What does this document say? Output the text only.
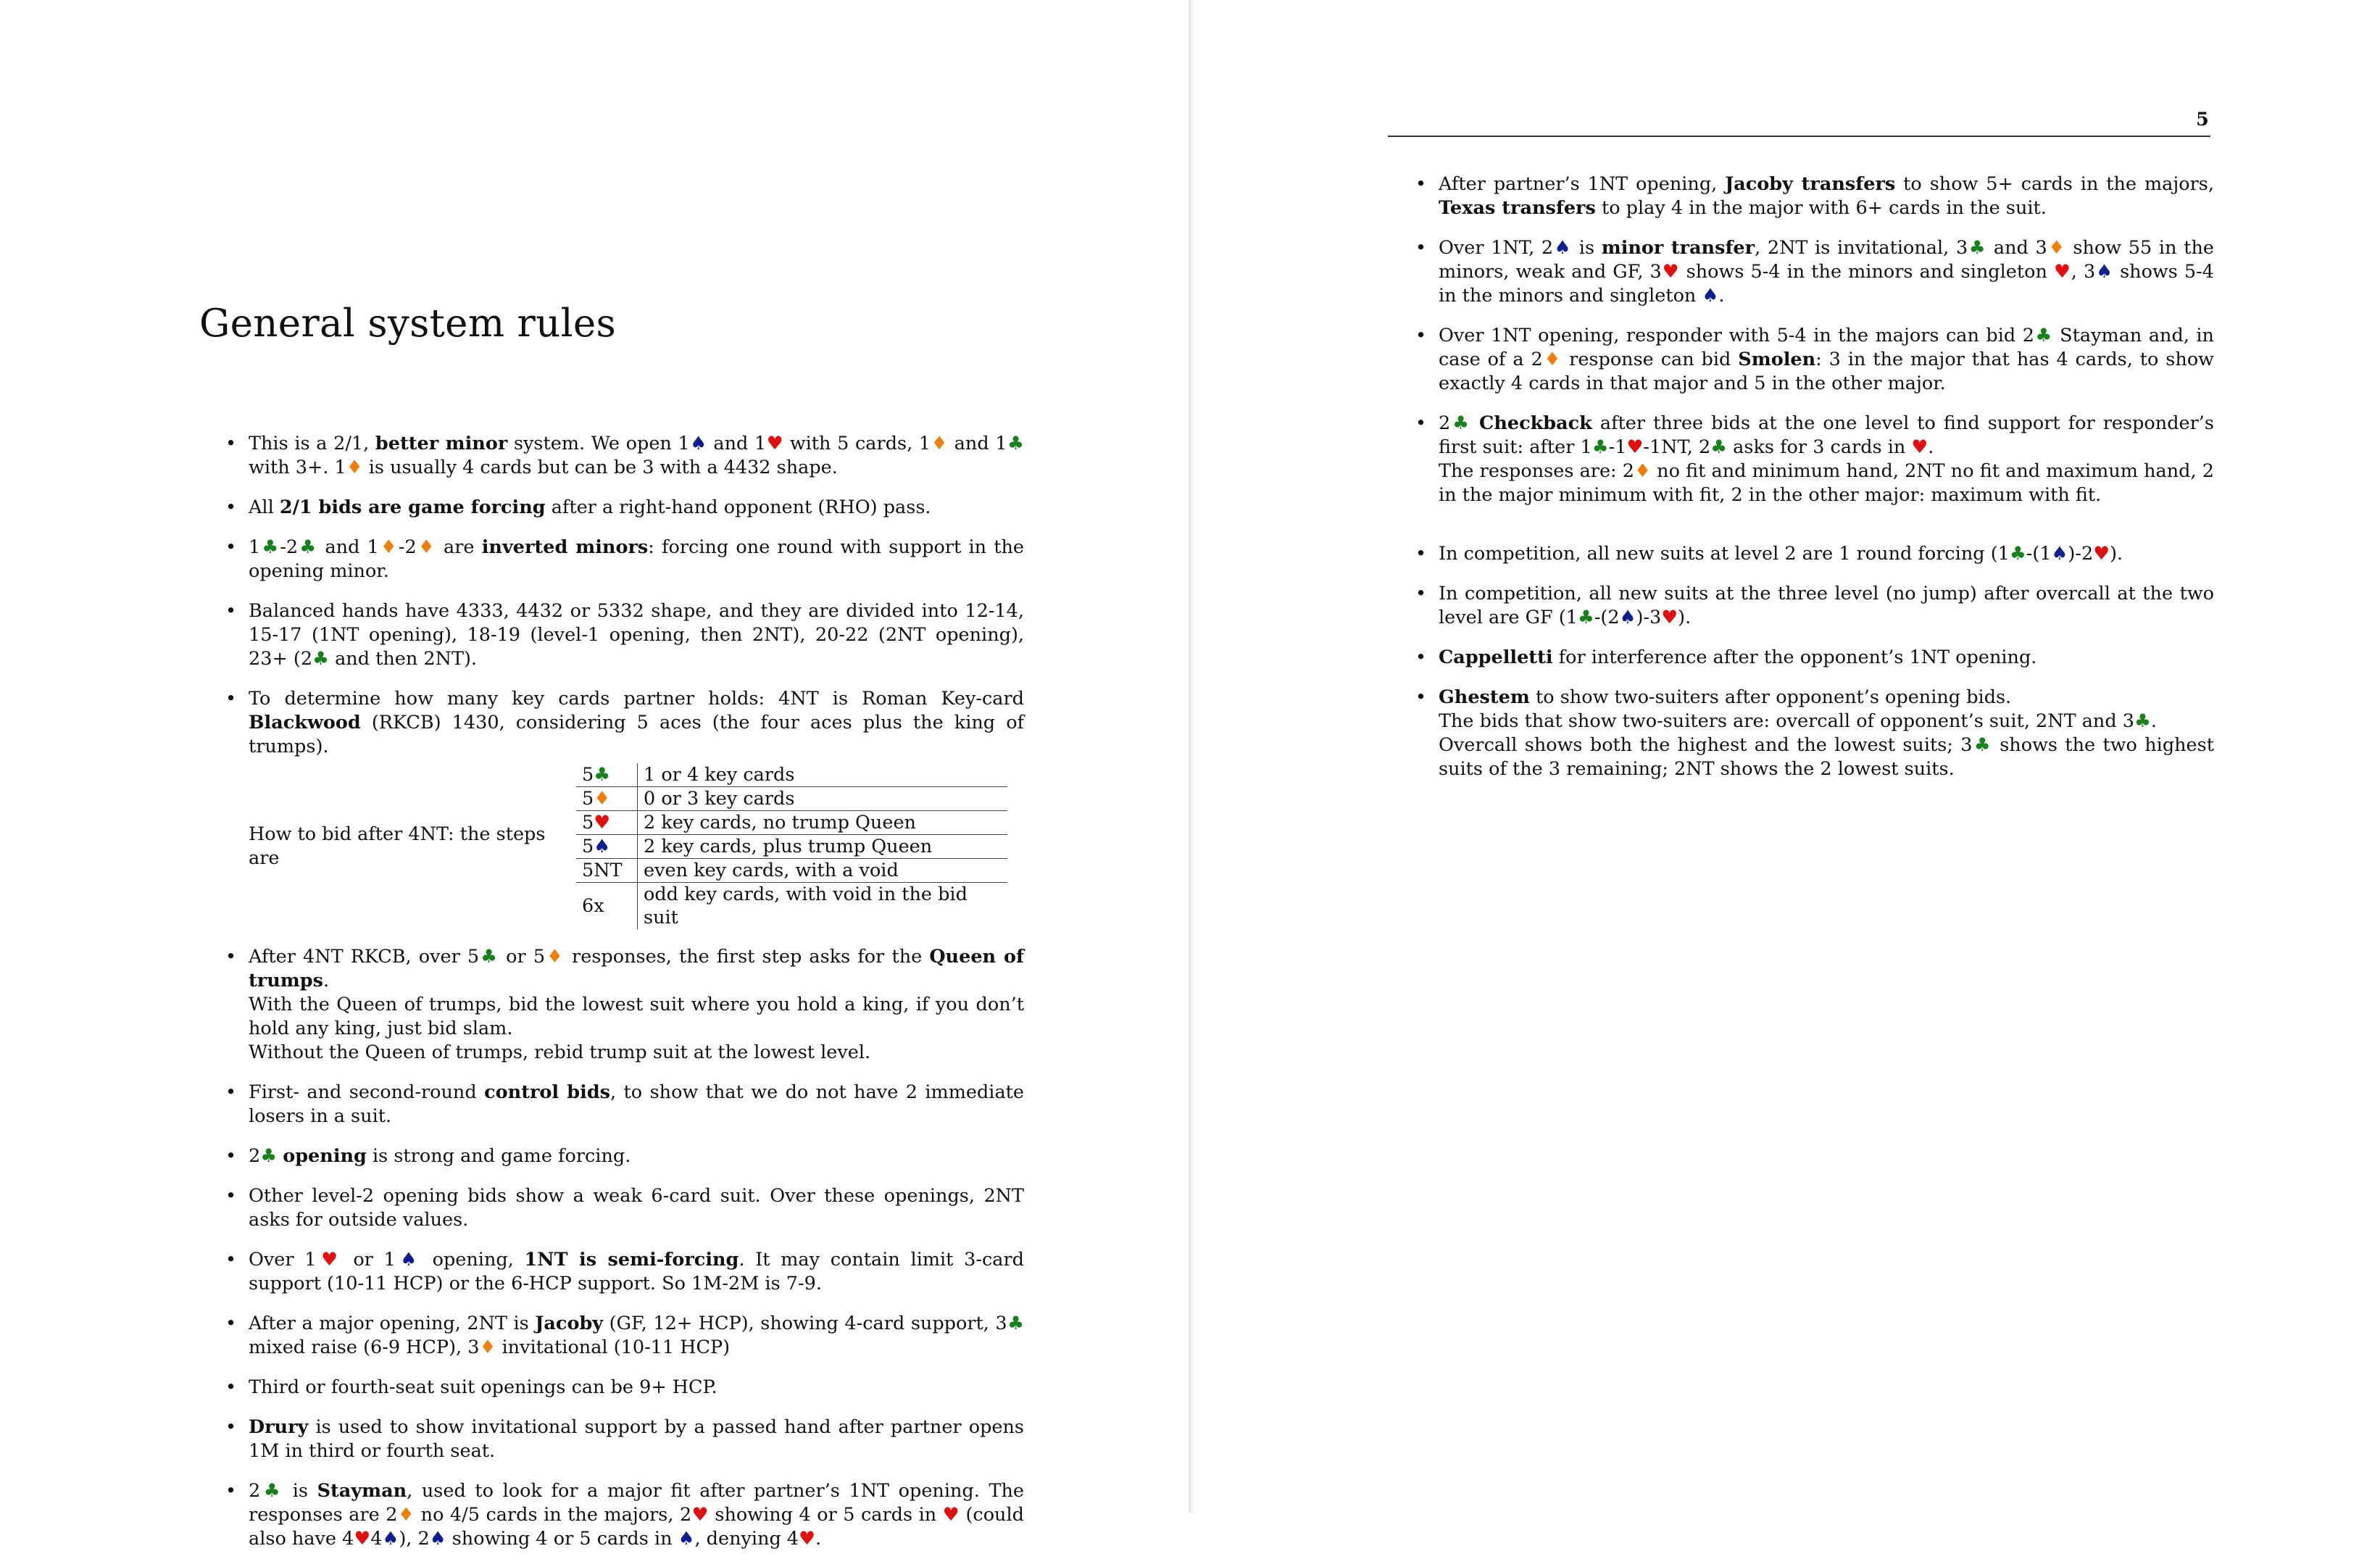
General system rules
• This is a 2/1, better minor system. We open 1♠ and 1♥ with 5 cards, 1♦ and 1♣ with 3+. 1♦ is usually 4 cards but can be 3 with a 4432 shape.
• All 2/1 bids are game forcing after a right-hand opponent (RHO) pass.
• 1♣-2♣ and 1♦-2♦ are inverted minors: forcing one round with support in the opening minor.
• Balanced hands have 4333, 4432 or 5332 shape, and they are divided into 12-14, 15-17 (1NT opening), 18-19 (level-1 opening, then 2NT), 20-22 (2NT opening), 23+ (2♣ and then 2NT).
• To determine how many key cards partner holds: 4NT is Roman Key-card Blackwood (RKCB) 1430, considering 5 aces (the four aces plus the king of trumps).
How to bid after 4NT: the steps are
5♣	1 or 4 key cards
5♦	0 or 3 key cards
5♥	2 key cards, no trump Queen
5♠	2 key cards, plus trump Queen
5NT	even key cards, with a void
6x	odd key cards, with void in the bid suit
• After 4NT RKCB, over 5♣ or 5♦ responses, the first step asks for the Queen of trumps.
With the Queen of trumps, bid the lowest suit where you hold a king, if you don’t hold any king, just bid slam.
Without the Queen of trumps, rebid trump suit at the lowest level.
• First- and second-round control bids, to show that we do not have 2 immediate losers in a suit.
• 2♣ opening is strong and game forcing.
• Other level-2 opening bids show a weak 6-card suit. Over these openings, 2NT asks for outside values.
• Over 1♥ or 1♠ opening, 1NT is semi-forcing. It may contain limit 3-card support (10-11 HCP) or the 6-HCP support. So 1M-2M is 7-9.
• After a major opening, 2NT is Jacoby (GF, 12+ HCP), showing 4-card support, 3♣ mixed raise (6-9 HCP), 3♦ invitational (10-11 HCP)
• Third or fourth-seat suit openings can be 9+ HCP.
• Drury is used to show invitational support by a passed hand after partner opens 1M in third or fourth seat.
• 2♣ is Stayman, used to look for a major fit after partner’s 1NT opening. The responses are 2♦ no 4/5 cards in the majors, 2♥ showing 4 or 5 cards in ♥ (could also have 4♥4♠), 2♠ showing 4 or 5 cards in ♠, denying 4♥.
5
• After partner’s 1NT opening, Jacoby transfers to show 5+ cards in the majors, Texas transfers to play 4 in the major with 6+ cards in the suit.
• Over 1NT, 2♠ is minor transfer, 2NT is invitational, 3♣ and 3♦ show 55 in the minors, weak and GF, 3♥ shows 5-4 in the minors and singleton ♥, 3♠ shows 5-4 in the minors and singleton ♠.
• Over 1NT opening, responder with 5-4 in the majors can bid 2♣ Stayman and, in case of a 2♦ response can bid Smolen: 3 in the major that has 4 cards, to show exactly 4 cards in that major and 5 in the other major.
• 2♣ Checkback after three bids at the one level to find support for responder’s first suit: after 1♣-1♥-1NT, 2♣ asks for 3 cards in ♥.
The responses are: 2♦ no fit and minimum hand, 2NT no fit and maximum hand, 2 in the major minimum with fit, 2 in the other major: maximum with fit.
• In competition, all new suits at level 2 are 1 round forcing (1♣-(1♠)-2♥).
• In competition, all new suits at the three level (no jump) after overcall at the two level are GF (1♣-(2♠)-3♥).
• Cappelletti for interference after the opponent’s 1NT opening.
• Ghestem to show two-suiters after opponent’s opening bids.
The bids that show two-suiters are: overcall of opponent’s suit, 2NT and 3♣.
Overcall shows both the highest and the lowest suits; 3♣ shows the two highest suits of the 3 remaining; 2NT shows the 2 lowest suits.
